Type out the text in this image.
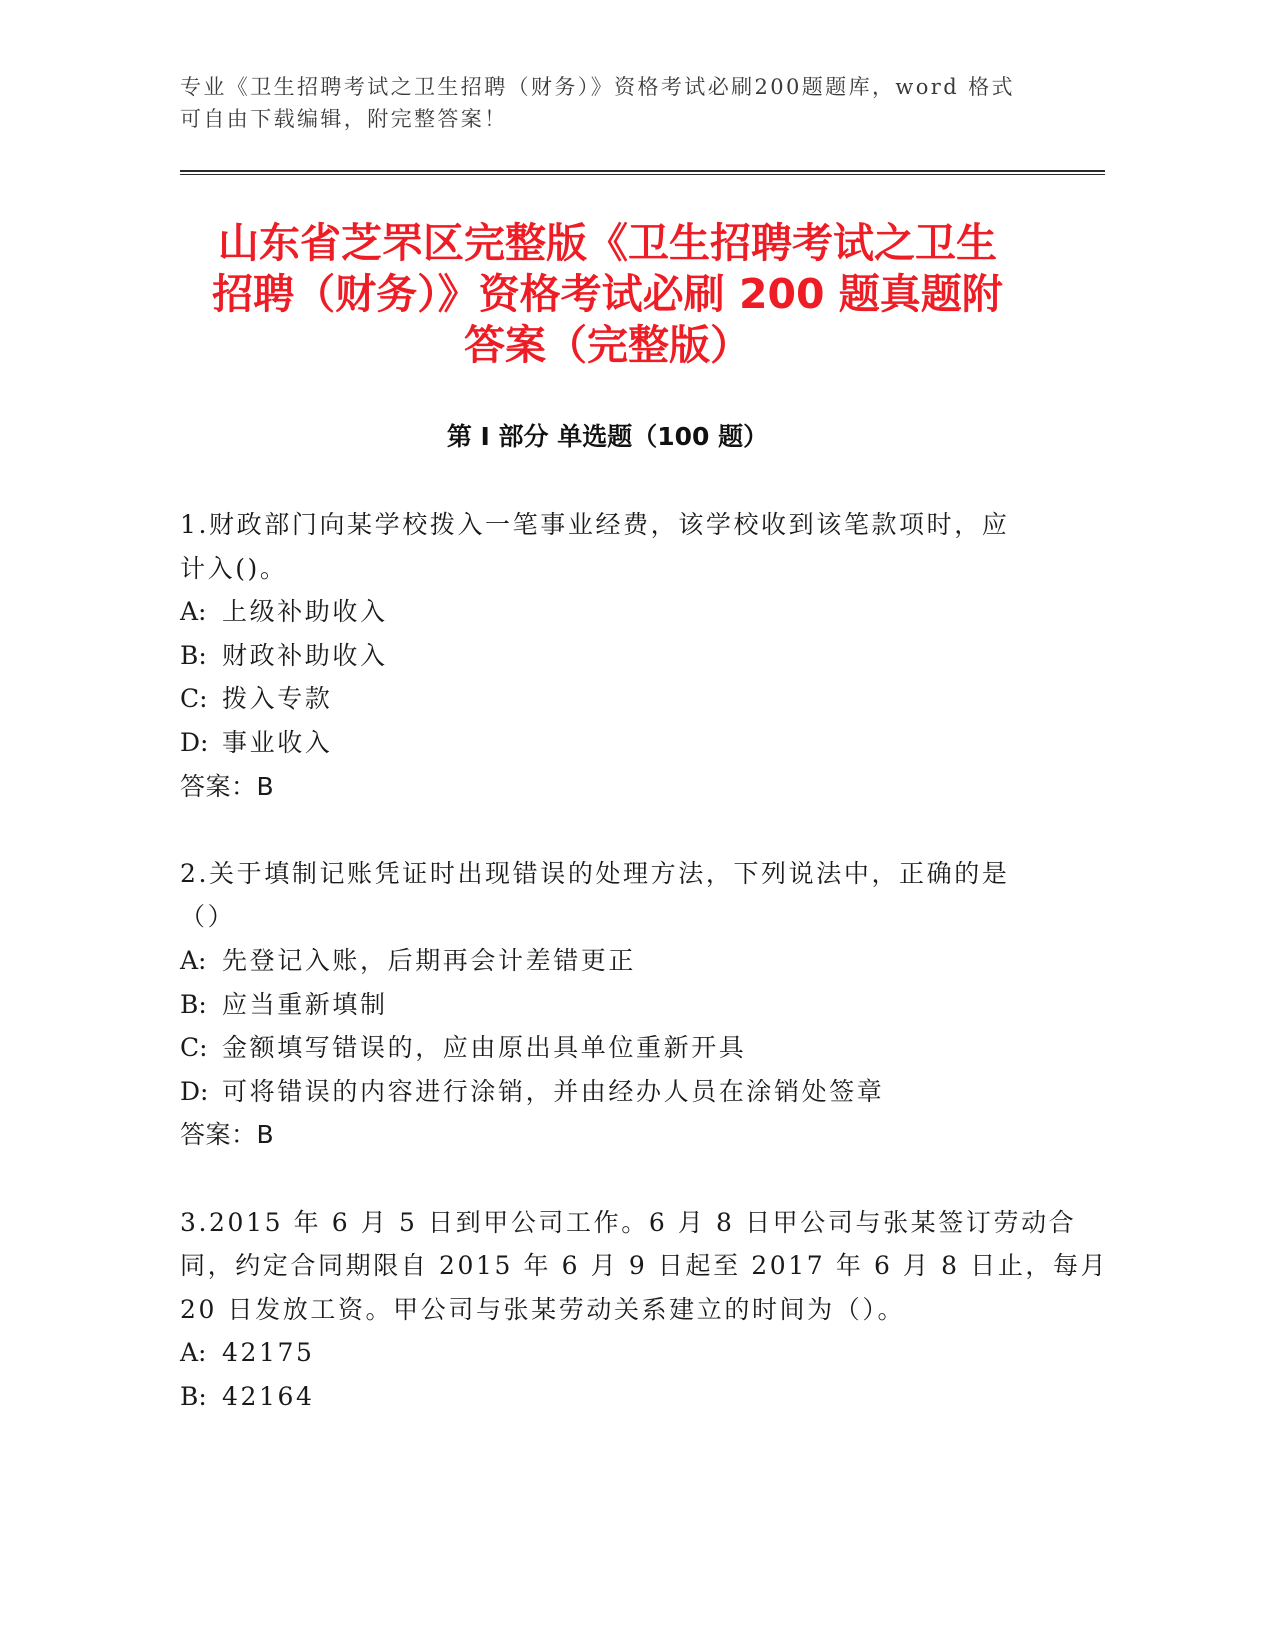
专业《卫生招聘考试之卫生招聘（财务）》资格考试必刷200题题库，word 格式
可自由下载编辑，附完整答案！
山东省芝罘区完整版《卫生招聘考试之卫生
招聘（财务）》资格考试必刷 200 题真题附
答案（完整版）
第 I 部分 单选题（100 题）
1.财政部门向某学校拨入一笔事业经费，该学校收到该笔款项时，应
计入()。
A: 上级补助收入
B: 财政补助收入
C: 拨入专款
D: 事业收入
答案：B
2.关于填制记账凭证时出现错误的处理方法，下列说法中，正确的是
（）
A: 先登记入账，后期再会计差错更正
B: 应当重新填制
C: 金额填写错误的，应由原出具单位重新开具
D: 可将错误的内容进行涂销，并由经办人员在涂销处签章
答案：B
3.2015 年 6 月 5 日到甲公司工作。6 月 8 日甲公司与张某签订劳动合
同，约定合同期限自 2015 年 6 月 9 日起至 2017 年 6 月 8 日止，每月
20 日发放工资。甲公司与张某劳动关系建立的时间为（）。
A: 42175
B: 42164
